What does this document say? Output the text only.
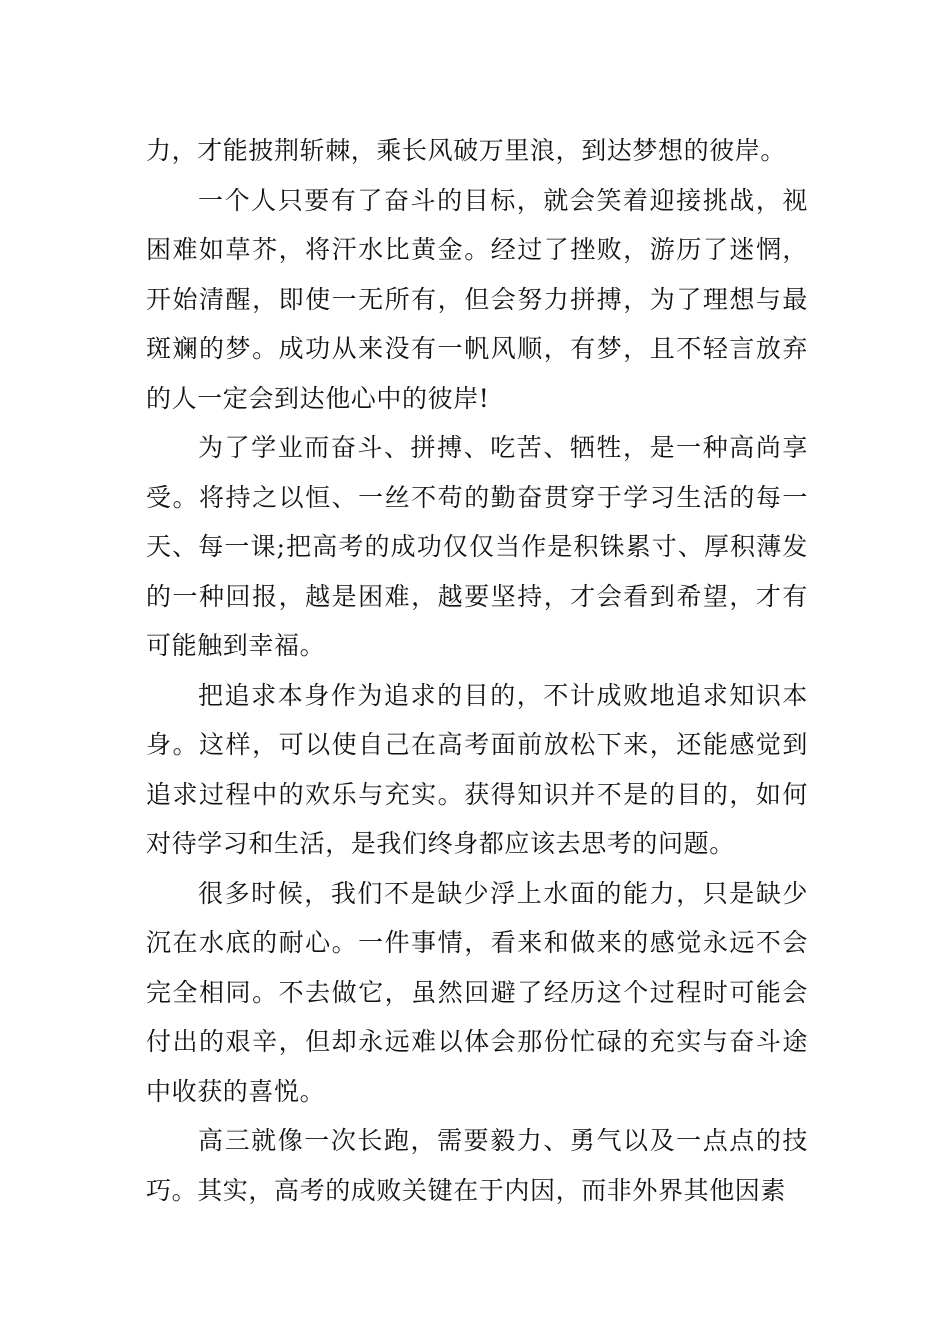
力，才能披荆斩棘，乘长风破万里浪，到达梦想的彼岸。

一个人只要有了奋斗的目标，就会笑着迎接挑战，视困难如草芥，将汗水比黄金。经过了挫败，游历了迷惘，开始清醒，即使一无所有，但会努力拼搏，为了理想与最斑斓的梦。成功从来没有一帆风顺，有梦，且不轻言放弃的人一定会到达他心中的彼岸!

为了学业而奋斗、拼搏、吃苦、牺牲，是一种高尚享受。将持之以恒、一丝不苟的勤奋贯穿于学习生活的每一天、每一课;把高考的成功仅仅当作是积铢累寸、厚积薄发的一种回报，越是困难，越要坚持，才会看到希望，才有可能触到幸福。

把追求本身作为追求的目的，不计成败地追求知识本身。这样，可以使自己在高考面前放松下来，还能感觉到追求过程中的欢乐与充实。获得知识并不是的目的，如何对待学习和生活，是我们终身都应该去思考的问题。

很多时候，我们不是缺少浮上水面的能力，只是缺少沉在水底的耐心。一件事情，看来和做来的感觉永远不会完全相同。不去做它，虽然回避了经历这个过程时可能会付出的艰辛，但却永远难以体会那份忙碌的充实与奋斗途中收获的喜悦。

高三就像一次长跑，需要毅力、勇气以及一点点的技巧。其实，高考的成败关键在于内因，而非外界其他因素
